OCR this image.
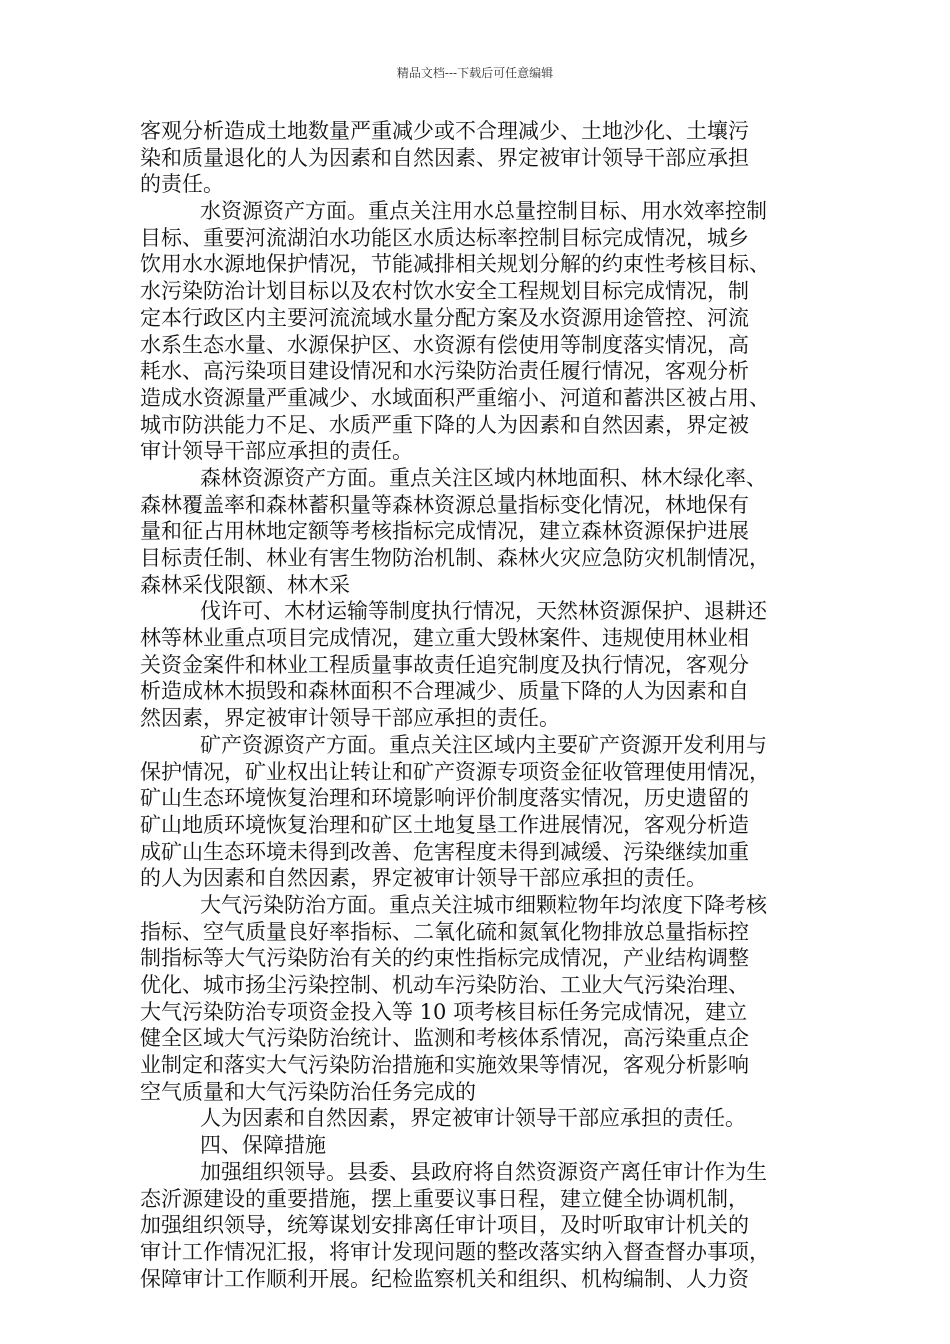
精品文档---下载后可任意编辑
客观分析造成土地数量严重减少或不合理减少、土地沙化、土壤污
染和质量退化的人为因素和自然因素、界定被审计领导干部应承担
的责任。
水资源资产方面。重点关注用水总量控制目标、用水效率控制
目标、重要河流湖泊水功能区水质达标率控制目标完成情况，城乡
饮用水水源地保护情况，节能减排相关规划分解的约束性考核目标、
水污染防治计划目标以及农村饮水安全工程规划目标完成情况，制
定本行政区内主要河流流域水量分配方案及水资源用途管控、河流
水系生态水量、水源保护区、水资源有偿使用等制度落实情况，高
耗水、高污染项目建设情况和水污染防治责任履行情况，客观分析
造成水资源量严重减少、水域面积严重缩小、河道和蓄洪区被占用、
城市防洪能力不足、水质严重下降的人为因素和自然因素，界定被
审计领导干部应承担的责任。
森林资源资产方面。重点关注区域内林地面积、林木绿化率、
森林覆盖率和森林蓄积量等森林资源总量指标变化情况，林地保有
量和征占用林地定额等考核指标完成情况，建立森林资源保护进展
目标责任制、林业有害生物防治机制、森林火灾应急防灾机制情况，
森林采伐限额、林木采
伐许可、木材运输等制度执行情况，天然林资源保护、退耕还
林等林业重点项目完成情况，建立重大毁林案件、违规使用林业相
关资金案件和林业工程质量事故责任追究制度及执行情况，客观分
析造成林木损毁和森林面积不合理减少、质量下降的人为因素和自
然因素，界定被审计领导干部应承担的责任。
矿产资源资产方面。重点关注区域内主要矿产资源开发利用与
保护情况，矿业权出让转让和矿产资源专项资金征收管理使用情况，
矿山生态环境恢复治理和环境影响评价制度落实情况，历史遗留的
矿山地质环境恢复治理和矿区土地复垦工作进展情况，客观分析造
成矿山生态环境未得到改善、危害程度未得到减缓、污染继续加重
的人为因素和自然因素，界定被审计领导干部应承担的责任。
大气污染防治方面。重点关注城市细颗粒物年均浓度下降考核
指标、空气质量良好率指标、二氧化硫和氮氧化物排放总量指标控
制指标等大气污染防治有关的约束性指标完成情况，产业结构调整
优化、城市扬尘污染控制、机动车污染防治、工业大气污染治理、
大气污染防治专项资金投入等 10 项考核目标任务完成情况，建立
健全区域大气污染防治统计、监测和考核体系情况，高污染重点企
业制定和落实大气污染防治措施和实施效果等情况，客观分析影响
空气质量和大气污染防治任务完成的
人为因素和自然因素，界定被审计领导干部应承担的责任。
四、保障措施
加强组织领导。县委、县政府将自然资源资产离任审计作为生
态沂源建设的重要措施，摆上重要议事日程，建立健全协调机制，
加强组织领导，统筹谋划安排离任审计项目，及时听取审计机关的
审计工作情况汇报，将审计发现问题的整改落实纳入督查督办事项，
保障审计工作顺利开展。纪检监察机关和组织、机构编制、人力资
